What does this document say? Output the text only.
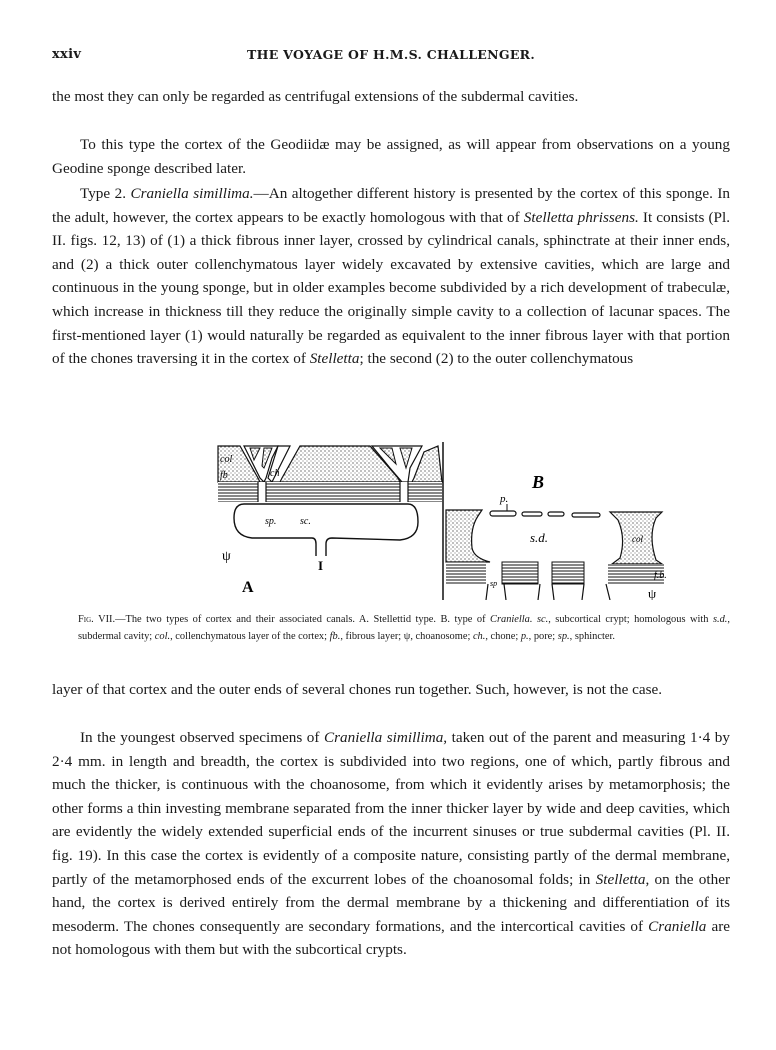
xxiv	THE VOYAGE OF H.M.S. CHALLENGER.

the most they can only be regarded as centrifugal extensions of the subdermal cavities.

To this type the cortex of the Geodiidæ may be assigned, as will appear from observations on a young Geodine sponge described later.

Type 2. Craniella simillima.—An altogether different history is presented by the cortex of this sponge. In the adult, however, the cortex appears to be exactly homologous with that of Stelletta phrissens. It consists (Pl. II. figs. 12, 13) of (1) a thick fibrous inner layer, crossed by cylindrical canals, sphinctrate at their inner ends, and (2) a thick outer collenchymatous layer widely excavated by extensive cavities, which are large and continuous in the young sponge, but in older examples become subdivided by a rich development of trabeculæ, which increase in thickness till they reduce the originally simple cavity to a collection of lacunar spaces. The first-mentioned layer (1) would naturally be regarded as equivalent to the inner fibrous layer with that portion of the chones traversing it in the cortex of Stelletta; the second (2) to the outer collenchymatous

sp. sc.
col
fb	ch
ψ
I
A
B
p.
col
s.d.
sp
f.b.
ψ
Fig. VII.—The two types of cortex and their associated canals. A. Stellettid type. B. type of Craniella. sc., subcortical crypt; homologous with s.d., subdermal cavity; col., collenchymatous layer of the cortex; fb., fibrous layer; ψ, choanosome; ch., chone; p., pore; sp., sphincter.

layer of that cortex and the outer ends of several chones run together. Such, however, is not the case.

In the youngest observed specimens of Craniella simillima, taken out of the parent and measuring 1·4 by 2·4 mm. in length and breadth, the cortex is subdivided into two regions, one of which, partly fibrous and much the thicker, is continuous with the choanosome, from which it evidently arises by metamorphosis; the other forms a thin investing membrane separated from the inner thicker layer by wide and deep cavities, which are evidently the widely extended superficial ends of the incurrent sinuses or true subdermal cavities (Pl. II. fig. 19). In this case the cortex is evidently of a composite nature, consisting partly of the dermal membrane, partly of the metamorphosed ends of the excurrent lobes of the choanosomal folds; in Stelletta, on the other hand, the cortex is derived entirely from the dermal membrane by a thickening and differentiation of its mesoderm. The chones consequently are secondary formations, and the intercortical cavities of Craniella are not homologous with them but with the subcortical crypts.
